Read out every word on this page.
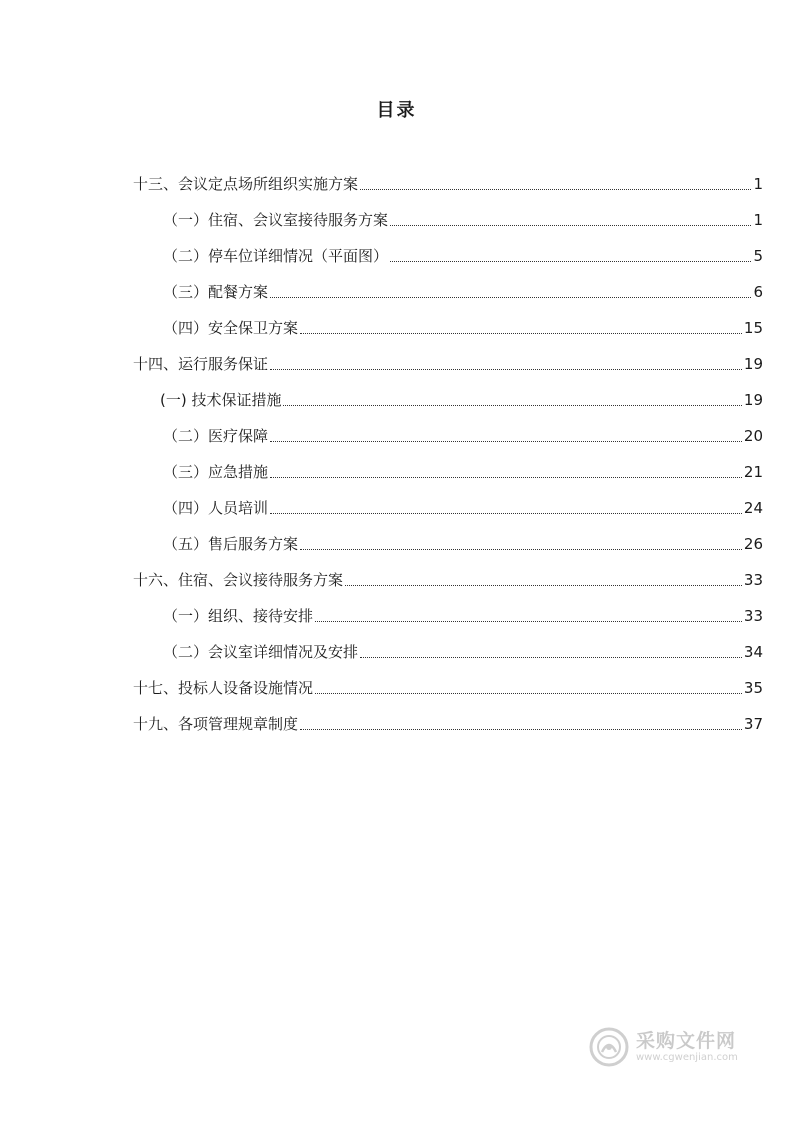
目录
十三、会议定点场所组织实施方案	1
（一）住宿、会议室接待服务方案	1
（二）停车位详细情况（平面图）	5
（三）配餐方案	6
（四）安全保卫方案	15
十四、运行服务保证	19
(一) 技术保证措施	19
（二）医疗保障	20
（三）应急措施	21
（四）人员培训	24
（五）售后服务方案	26
十六、住宿、会议接待服务方案	33
（一）组织、接待安排	33
（二）会议室详细情况及安排	34
十七、投标人设备设施情况	35
十九、各项管理规章制度	37
采购文件网
www.cgwenjian.com
